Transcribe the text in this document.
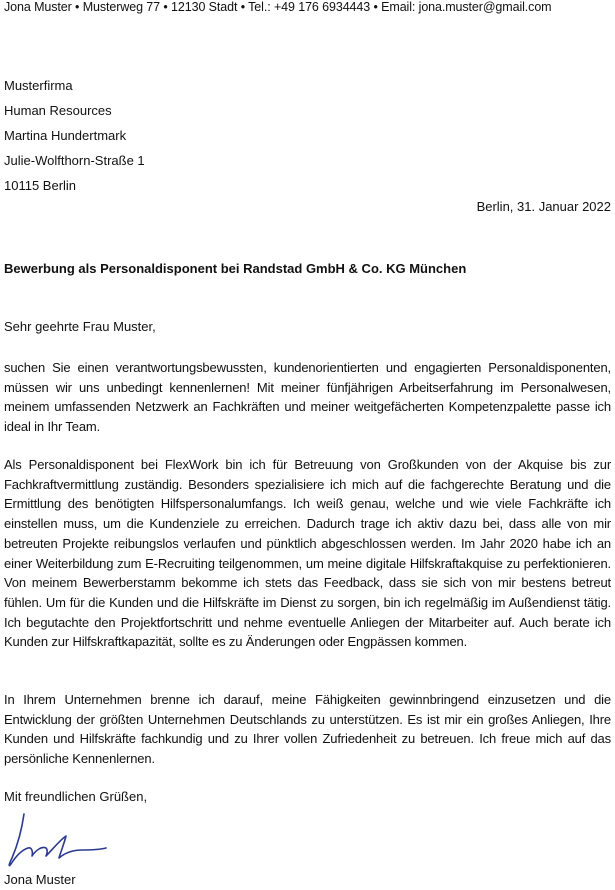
Jona Muster • Musterweg 77 • 12130 Stadt • Tel.: +49 176 6934443 • Email: jona.muster@gmail.com
Musterfirma
Human Resources
Martina Hundertmark
Julie-Wolfthorn-Straße 1
10115 Berlin
Berlin, 31. Januar 2022
Bewerbung als Personaldisponent bei Randstad GmbH & Co. KG München
Sehr geehrte Frau Muster,
suchen Sie einen verantwortungsbewussten, kundenorientierten und engagierten Personaldisponenten, müssen wir uns unbedingt kennenlernen! Mit meiner fünfjährigen Arbeitserfahrung im Personalwesen, meinem umfassenden Netzwerk an Fachkräften und meiner weitgefächerten Kompetenzpalette passe ich ideal in Ihr Team.
Als Personaldisponent bei FlexWork bin ich für Betreuung von Großkunden von der Akquise bis zur Fachkraftvermittlung zuständig. Besonders spezialisiere ich mich auf die fachgerechte Beratung und die Ermittlung des benötigten Hilfspersonalumfangs. Ich weiß genau, welche und wie viele Fachkräfte ich einstellen muss, um die Kundenziele zu erreichen. Dadurch trage ich aktiv dazu bei, dass alle von mir betreuten Projekte reibungslos verlaufen und pünktlich abgeschlossen werden. Im Jahr 2020 habe ich an einer Weiterbildung zum E-Recruiting teilgenommen, um meine digitale Hilfskraftakquise zu perfektionieren. Von meinem Bewerberstamm bekomme ich stets das Feedback, dass sie sich von mir bestens betreut fühlen. Um für die Kunden und die Hilfskräfte im Dienst zu sorgen, bin ich regelmäßig im Außendienst tätig. Ich begutachte den Projektfortschritt und nehme eventuelle Anliegen der Mitarbeiter auf. Auch berate ich Kunden zur Hilfskraftkapazität, sollte es zu Änderungen oder Engpässen kommen.
In Ihrem Unternehmen brenne ich darauf, meine Fähigkeiten gewinnbringend einzusetzen und die Entwicklung der größten Unternehmen Deutschlands zu unterstützen. Es ist mir ein großes Anliegen, Ihre Kunden und Hilfskräfte fachkundig und zu Ihrer vollen Zufriedenheit zu betreuen. Ich freue mich auf das persönliche Kennenlernen.
Mit freundlichen Grüßen,
Jona Muster
